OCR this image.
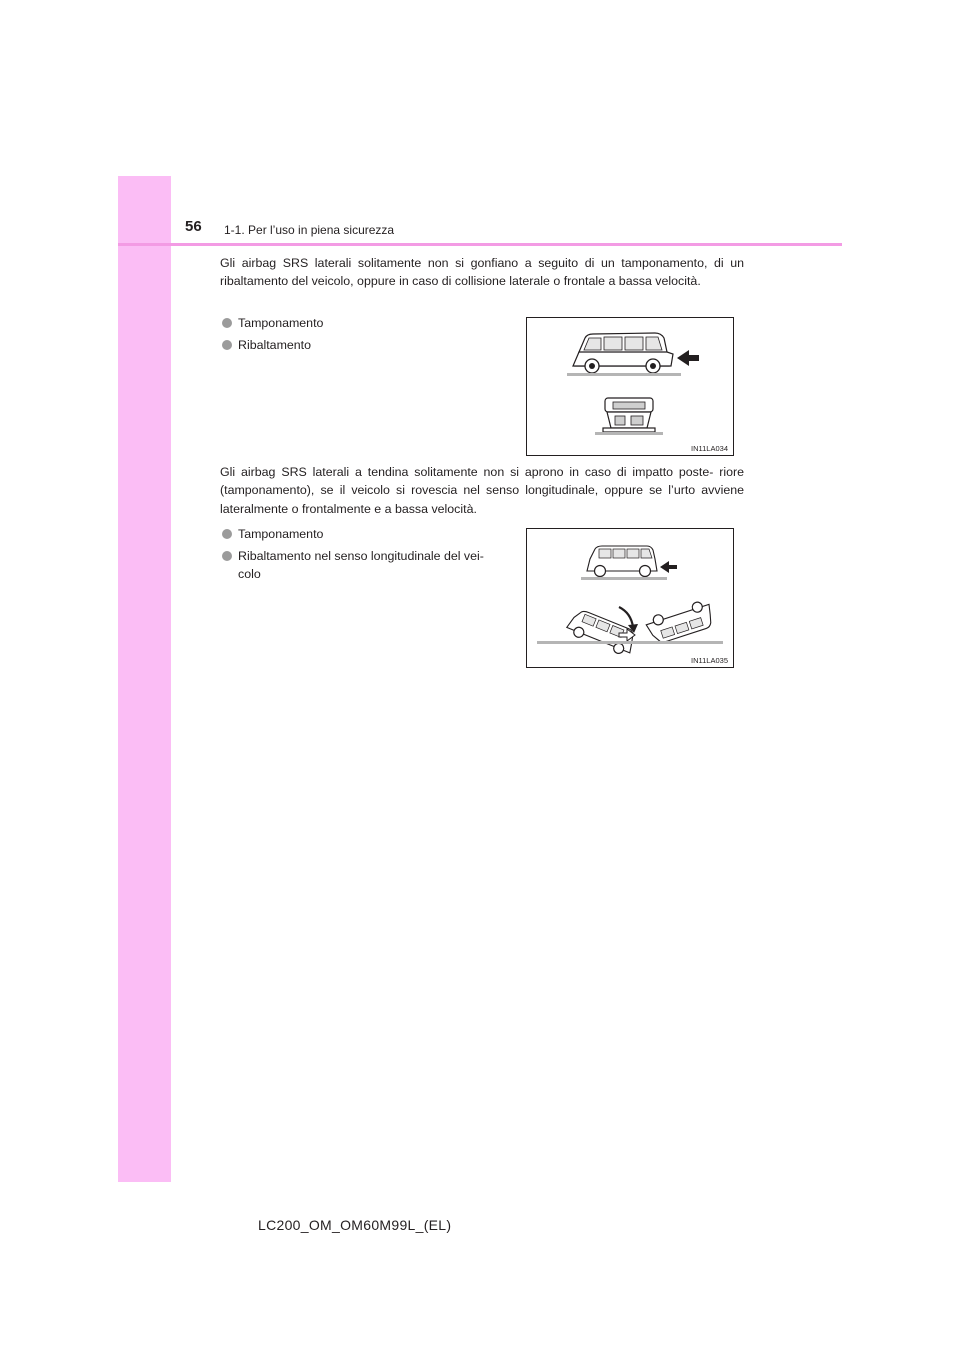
56 1-1. Per l’uso in piena sicurezza

Gli airbag SRS laterali solitamente non si gonfiano a seguito di un tamponamento, di un ribaltamento del veicolo, oppure in caso di collisione laterale o frontale a bassa velocità.

Tamponamento
Ribaltamento
IN11LA034

Gli airbag SRS laterali a tendina solitamente non si aprono in caso di impatto poste- riore (tamponamento), se il veicolo si rovescia nel senso longitudinale, oppure se l’urto avviene lateralmente o frontalmente e a bassa velocità.

Tamponamento
Ribaltamento nel senso longitudinale del vei- colo
IN11LA035
LC200_OM_OM60M99L_(EL)
